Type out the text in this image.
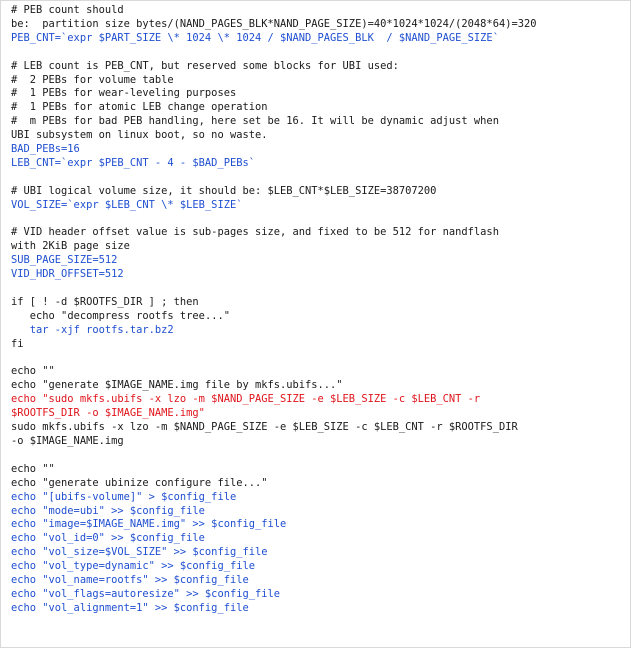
# PEB count should
be:  partition size bytes/(NAND_PAGES_BLK*NAND_PAGE_SIZE)=40*1024*1024/(2048*64)=320
PEB_CNT=`expr $PART_SIZE \* 1024 \* 1024 / $NAND_PAGES_BLK  / $NAND_PAGE_SIZE`
# LEB count is PEB_CNT, but reserved some blocks for UBI used:
#  2 PEBs for volume table
#  1 PEBs for wear-leveling purposes
#  1 PEBs for atomic LEB change operation
#  m PEBs for bad PEB handling, here set be 16. It will be dynamic adjust when
UBI subsystem on linux boot, so no waste.
BAD_PEBs=16
LEB_CNT=`expr $PEB_CNT - 4 - $BAD_PEBs`
# UBI logical volume size, it should be: $LEB_CNT*$LEB_SIZE=38707200
VOL_SIZE=`expr $LEB_CNT \* $LEB_SIZE`
# VID header offset value is sub-pages size, and fixed to be 512 for nandflash
with 2KiB page size
SUB_PAGE_SIZE=512
VID_HDR_OFFSET=512
if [ ! -d $ROOTFS_DIR ] ; then
echo "decompress rootfs tree..."
tar -xjf rootfs.tar.bz2
fi
echo ""
echo "generate $IMAGE_NAME.img file by mkfs.ubifs..."
echo "sudo mkfs.ubifs -x lzo -m $NAND_PAGE_SIZE -e $LEB_SIZE -c $LEB_CNT -r
$ROOTFS_DIR -o $IMAGE_NAME.img"
sudo mkfs.ubifs -x lzo -m $NAND_PAGE_SIZE -e $LEB_SIZE -c $LEB_CNT -r $ROOTFS_DIR
-o $IMAGE_NAME.img
echo ""
echo "generate ubinize configure file..."
echo "[ubifs-volume]" > $config_file
echo "mode=ubi" >> $config_file
echo "image=$IMAGE_NAME.img" >> $config_file
echo "vol_id=0" >> $config_file
echo "vol_size=$VOL_SIZE" >> $config_file
echo "vol_type=dynamic" >> $config_file
echo "vol_name=rootfs" >> $config_file
echo "vol_flags=autoresize" >> $config_file
echo "vol_alignment=1" >> $config_file
